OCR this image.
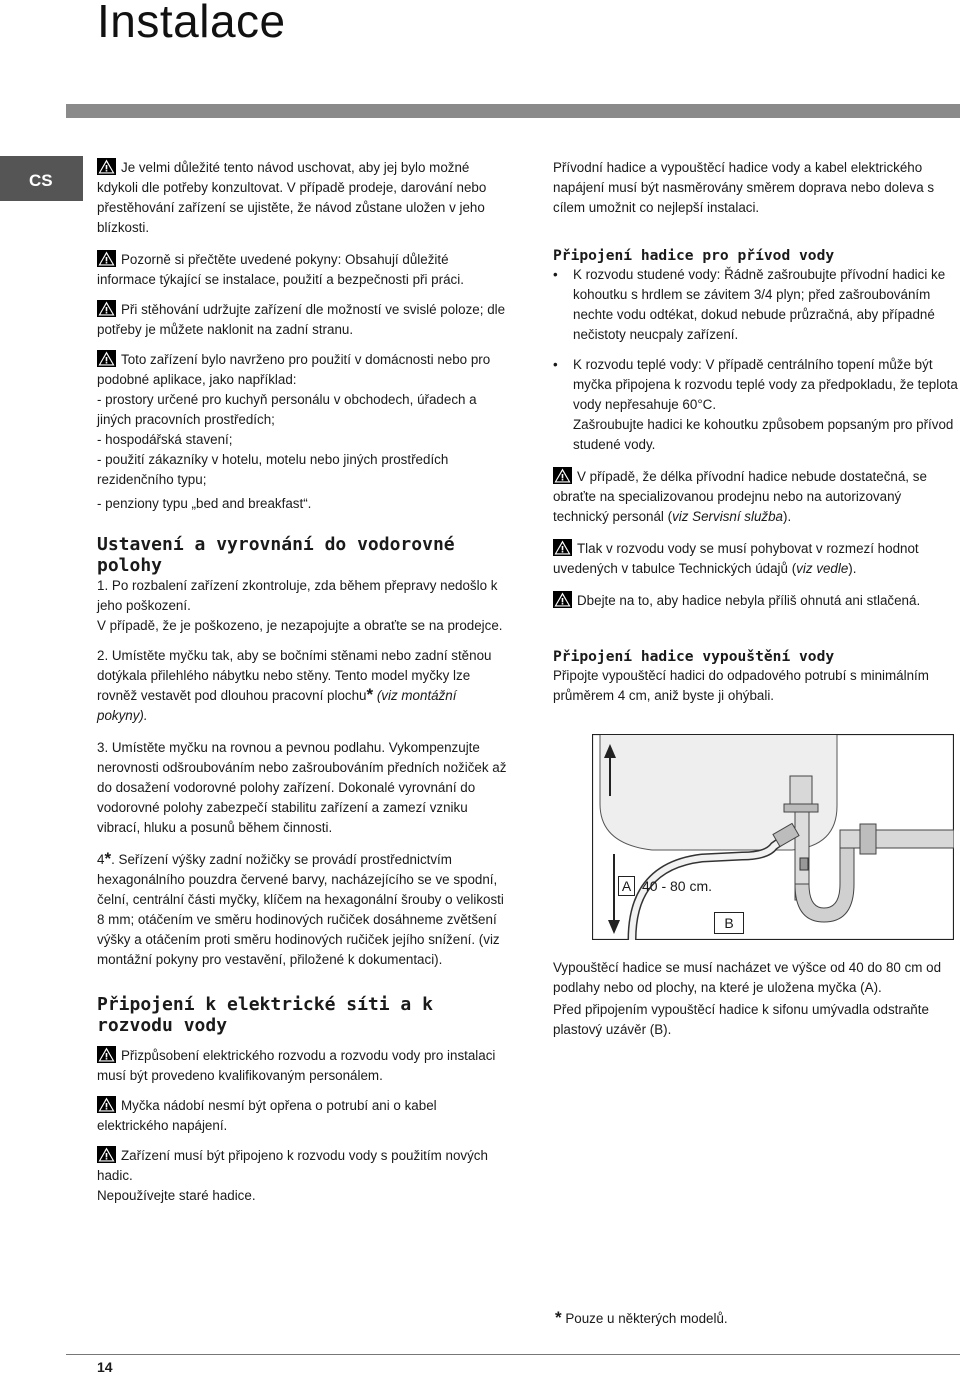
Instalace
CS

Je velmi důležité tento návod uschovat, aby jej bylo možné kdykoli dle potřeby konzultovat. V případě prodeje, darování nebo přestěhování zařízení se ujistěte, že návod zůstane uložen v jeho blízkosti.

Pozorně si přečtěte uvedené pokyny: Obsahují důležité informace týkající se instalace, použití a bezpečnosti při práci.

Při stěhování udržujte zařízení dle možností ve svislé poloze; dle potřeby je můžete naklonit na zadní stranu.

Toto zařízení bylo navrženo pro použití v domácnosti nebo pro podobné aplikace, jako například:

- prostory určené pro kuchyň personálu v obchodech, úřadech a jiných pracovních prostředích;

- hospodářská stavení;

- použití zákazníky v hotelu, motelu nebo jiných prostředích rezidenčního typu;

- penziony typu „bed and breakfast“.

Ustavení a vyrovnání do vodorovné polohy

1. Po rozbalení zařízení zkontroluje, zda během přepravy nedošlo k jeho poškození.

V případě, že je poškozeno, je nezapojujte a obraťte se na prodejce.

2. Umístěte myčku tak, aby se bočními stěnami nebo zadní stěnou dotýkala přilehlého nábytku nebo stěny. Tento model myčky lze rovněž vestavět pod dlouhou pracovní plochu* (viz montážní pokyny).

3. Umístěte myčku na rovnou a pevnou podlahu. Vykompenzujte nerovnosti odšroubováním nebo zašroubováním předních nožiček až do dosažení vodorovné polohy zařízení. Dokonalé vyrovnání do vodorovné polohy zabezpečí stabilitu zařízení a zamezí vzniku vibrací, hluku a posunů během činnosti.

4*. Seřízení výšky zadní nožičky se provádí prostřednictvím hexagonálního pouzdra červené barvy, nacházejícího se ve spodní, čelní, centrální části myčky, klíčem na hexagonální šrouby o velikosti 8 mm; otáčením ve směru hodinových ručiček dosáhneme zvětšení výšky a otáčením proti směru hodinových ručiček jejího snížení. (viz montážní pokyny pro vestavění, přiložené k dokumentaci).

Připojení k elektrické síti a k rozvodu vody

Přizpůsobení elektrického rozvodu a rozvodu vody pro instalaci musí být provedeno kvalifikovaným personálem.

Myčka nádobí nesmí být opřena o potrubí ani o kabel elektrického napájení.

Zařízení musí být připojeno k rozvodu vody s použitím nových hadic.

Nepoužívejte staré hadice.

Přívodní hadice a vypouštěcí hadice vody a kabel elektrického napájení musí být nasměrovány směrem doprava nebo doleva s cílem umožnit co nejlepší instalaci.

Připojení hadice pro přívod vody
• K rozvodu studené vody: Řádně zašroubujte přívodní hadici ke kohoutku s hrdlem se závitem 3/4 plyn; před zašroubováním nechte vodu odtékat, dokud nebude průzračná, aby případné nečistoty neucpaly zařízení.
• K rozvodu teplé vody: V případě centrálního topení může být myčka připojena k rozvodu teplé vody za předpokladu, že teplota vody nepřesahuje 60°C.
Zašroubujte hadici ke kohoutku způsobem popsaným pro přívod studené vody.

V případě, že délka přívodní hadice nebude dostatečná, se obraťte na specializovanou prodejnu nebo na autorizovaný technický personál (viz Servisní služba).

Tlak v rozvodu vody se musí pohybovat v rozmezí hodnot uvedených v tabulce Technických údajů (viz vedle).

Dbejte na to, aby hadice nebyla příliš ohnutá ani stlačená.

Připojení hadice vypouštění vody

Připojte vypouštěcí hadici do odpadového potrubí s minimálním průměrem 4 cm, aniž byste ji ohýbali.

A 40 - 80 cm.
B

Vypouštěcí hadice se musí nacházet ve výšce od 40 do 80 cm od podlahy nebo od plochy, na které je uložena myčka (A).

Před připojením vypouštěcí hadice k sifonu umývadla odstraňte plastový uzávěr (B).

* Pouze u některých modelů.
14
